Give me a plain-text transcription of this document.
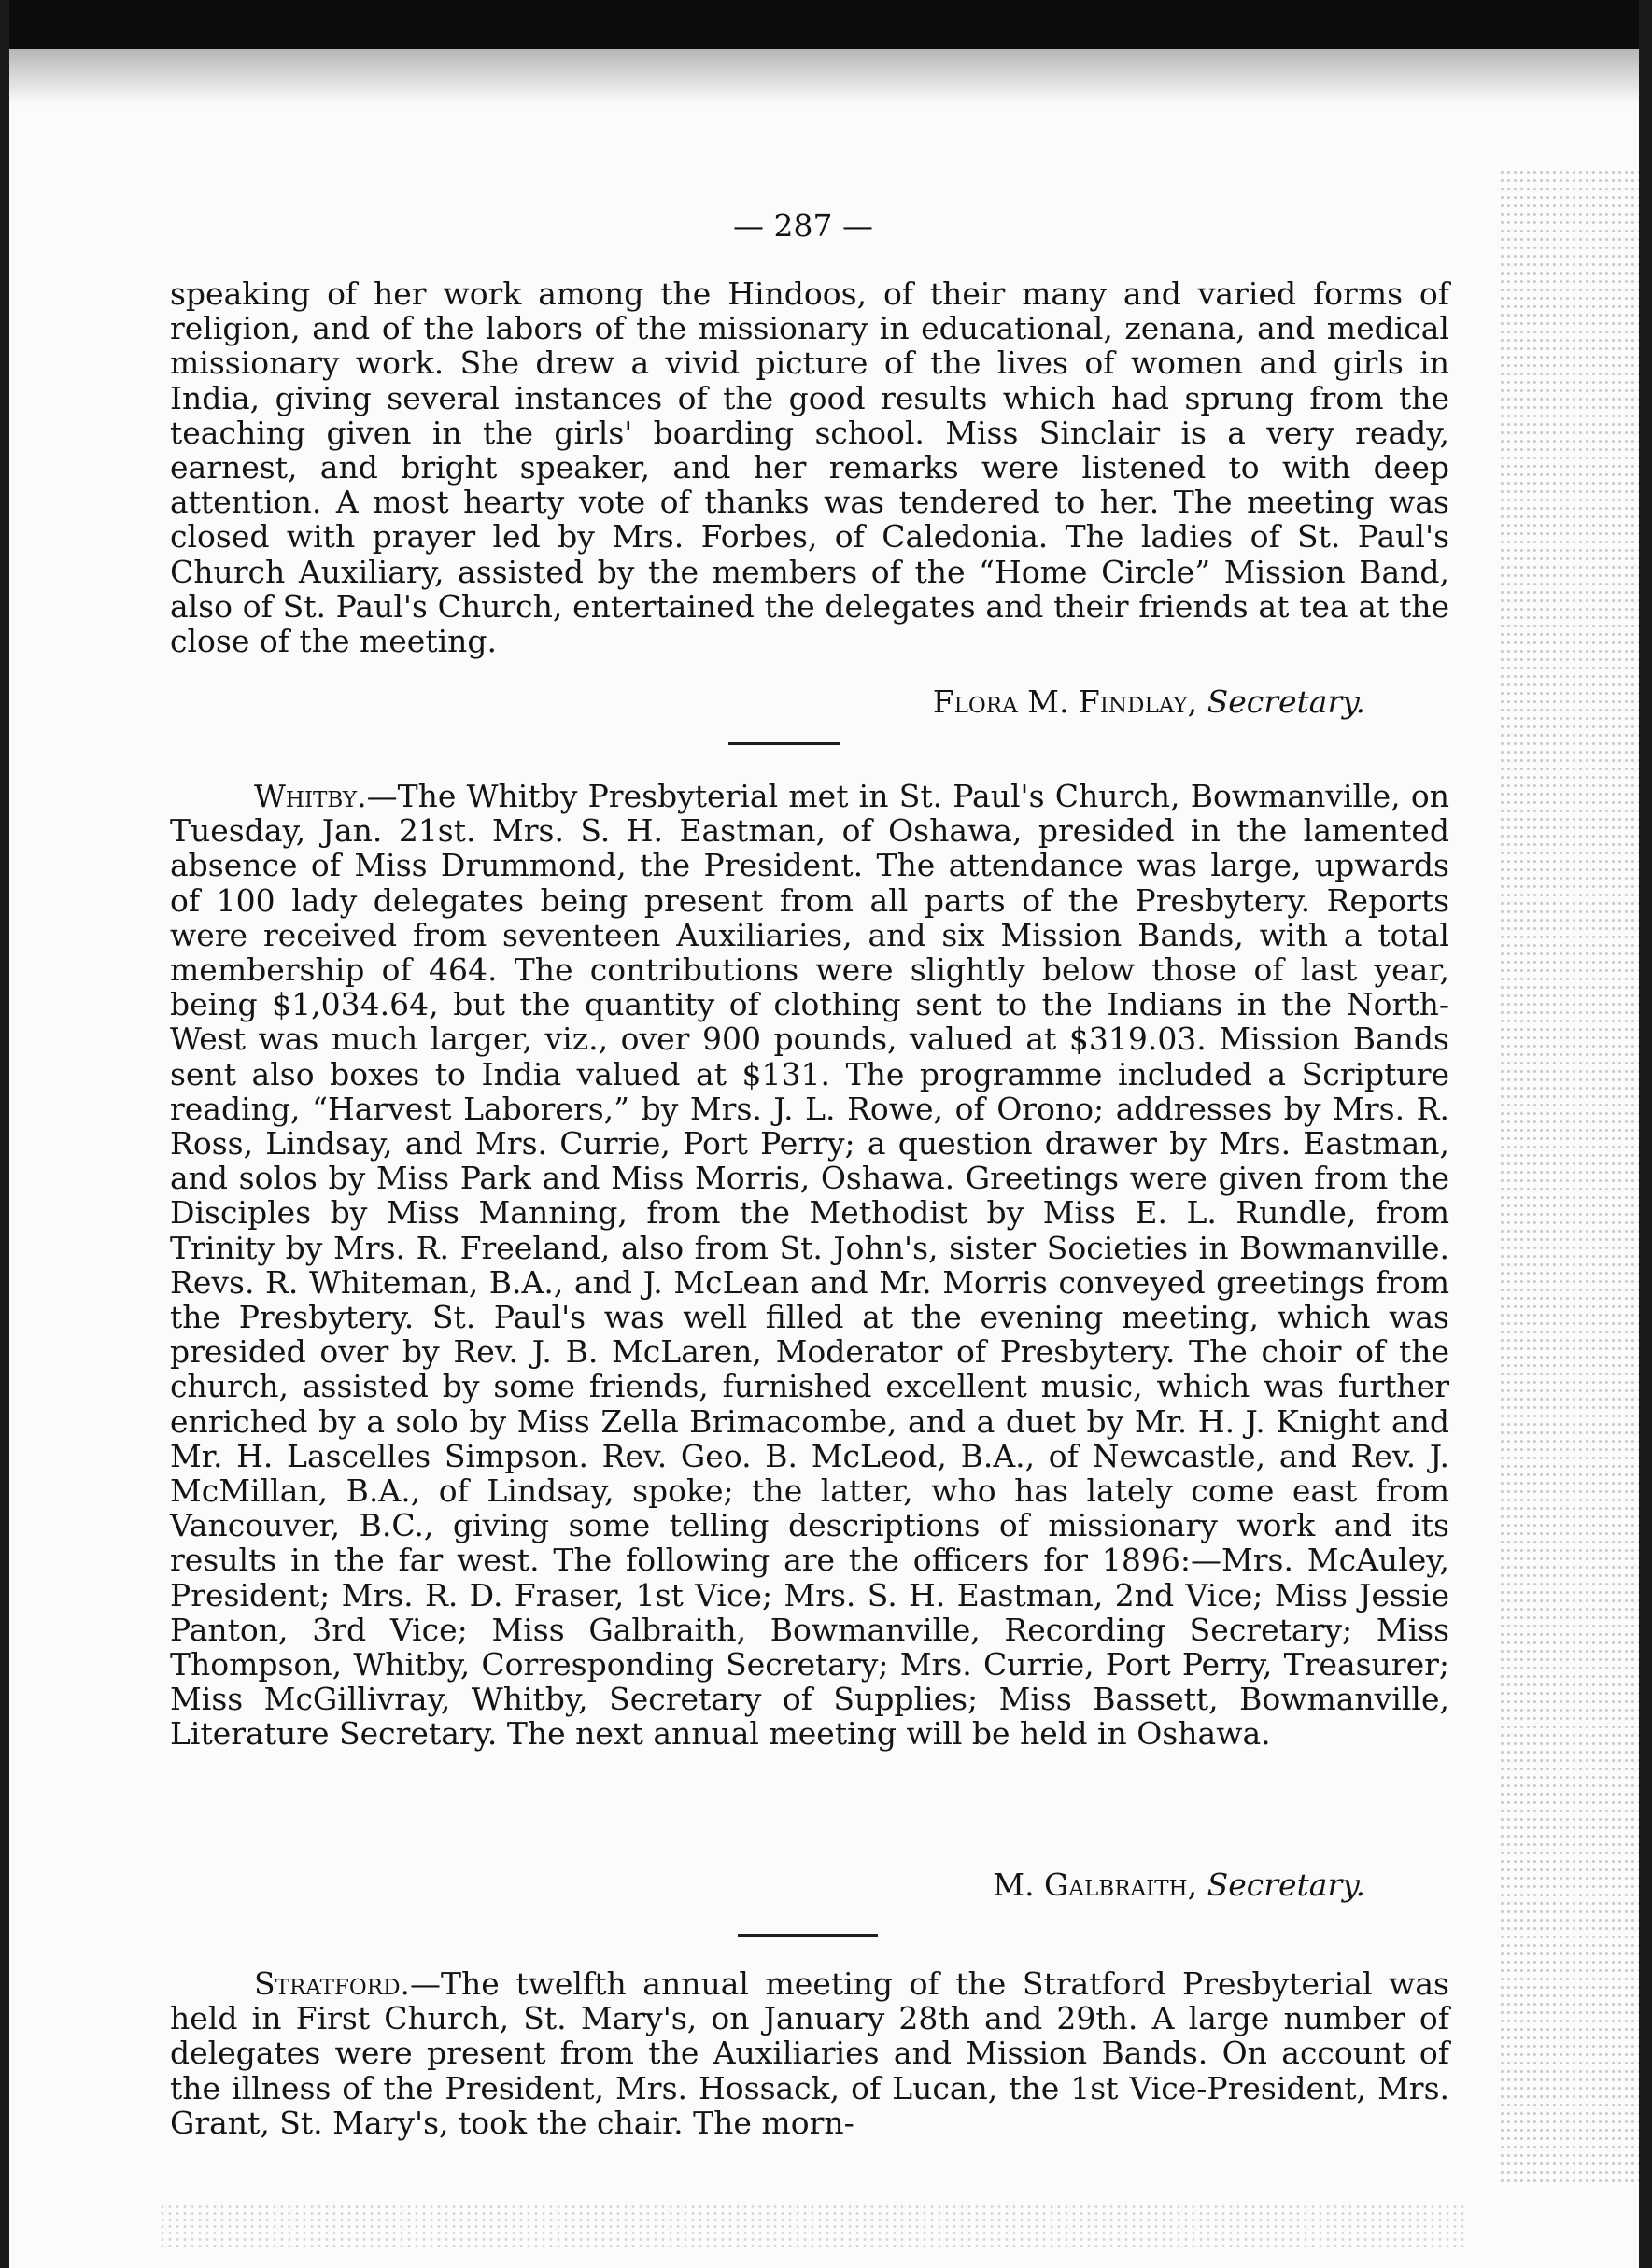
— 287 —

speaking of her work among the Hindoos, of their many and varied forms of religion, and of the labors of the missionary in educational, zenana, and medical missionary work. She drew a vivid picture of the lives of women and girls in India, giving several instances of the good results which had sprung from the teaching given in the girls' boarding school. Miss Sinclair is a very ready, earnest, and bright speaker, and her remarks were listened to with deep attention. A most hearty vote of thanks was tendered to her. The meeting was closed with prayer led by Mrs. Forbes, of Caledonia. The ladies of St. Paul's Church Auxiliary, assisted by the members of the “Home Circle” Mission Band, also of St. Paul's Church, entertained the delegates and their friends at tea at the close of the meeting.

Flora M. Findlay, Secretary.

Whitby.—The Whitby Presbyterial met in St. Paul's Church, Bowmanville, on Tuesday, Jan. 21st. Mrs. S. H. Eastman, of Oshawa, presided in the lamented absence of Miss Drummond, the President. The attendance was large, upwards of 100 lady delegates being present from all parts of the Presbytery. Reports were received from seventeen Auxiliaries, and six Mission Bands, with a total membership of 464. The contributions were slightly below those of last year, being $1,034.64, but the quantity of clothing sent to the Indians in the North-West was much larger, viz., over 900 pounds, valued at $319.03. Mission Bands sent also boxes to India valued at $131. The programme included a Scripture reading, “Harvest Laborers,” by Mrs. J. L. Rowe, of Orono; addresses by Mrs. R. Ross, Lindsay, and Mrs. Currie, Port Perry; a question drawer by Mrs. Eastman, and solos by Miss Park and Miss Morris, Oshawa. Greetings were given from the Disciples by Miss Manning, from the Methodist by Miss E. L. Rundle, from Trinity by Mrs. R. Freeland, also from St. John's, sister Societies in Bowmanville. Revs. R. Whiteman, B.A., and J. McLean and Mr. Morris conveyed greetings from the Presbytery. St. Paul's was well filled at the evening meeting, which was presided over by Rev. J. B. McLaren, Moderator of Presbytery. The choir of the church, assisted by some friends, furnished excellent music, which was further enriched by a solo by Miss Zella Brimacombe, and a duet by Mr. H. J. Knight and Mr. H. Lascelles Simpson. Rev. Geo. B. McLeod, B.A., of Newcastle, and Rev. J. McMillan, B.A., of Lindsay, spoke; the latter, who has lately come east from Vancouver, B.C., giving some telling descriptions of missionary work and its results in the far west. The following are the officers for 1896:—Mrs. McAuley, President; Mrs. R. D. Fraser, 1st Vice; Mrs. S. H. Eastman, 2nd Vice; Miss Jessie Panton, 3rd Vice; Miss Galbraith, Bowmanville, Recording Secretary; Miss Thompson, Whitby, Corresponding Secretary; Mrs. Currie, Port Perry, Treasurer; Miss McGillivray, Whitby, Secretary of Supplies; Miss Bassett, Bowmanville, Literature Secretary. The next annual meeting will be held in Oshawa.

M. Galbraith, Secretary.

Stratford.—The twelfth annual meeting of the Stratford Presbyterial was held in First Church, St. Mary's, on January 28th and 29th. A large number of delegates were present from the Auxiliaries and Mission Bands. On account of the illness of the President, Mrs. Hossack, of Lucan, the 1st Vice-President, Mrs. Grant, St. Mary's, took the chair. The morn-
